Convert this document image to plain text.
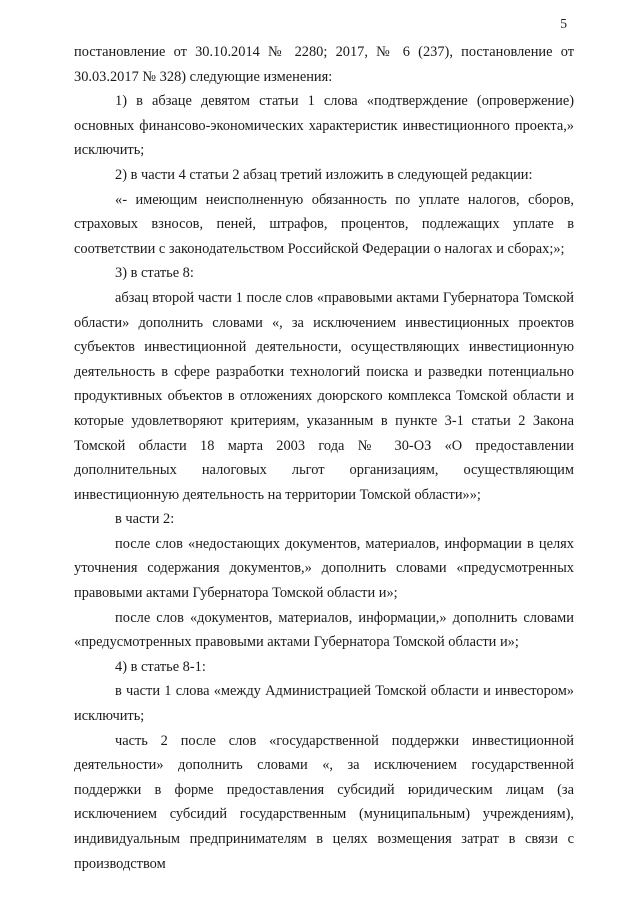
5

постановление от 30.10.2014 № 2280; 2017, № 6 (237), постановление от 30.03.2017 № 328) следующие изменения:

1) в абзаце девятом статьи 1 слова «подтверждение (опровержение) основных финансово-экономических характеристик инвестиционного проекта,» исключить;

2) в части 4 статьи 2 абзац третий изложить в следующей редакции:

«- имеющим неисполненную обязанность по уплате налогов, сборов, страховых взносов, пеней, штрафов, процентов, подлежащих уплате в соответствии с законодательством Российской Федерации о налогах и сборах;»;

3) в статье 8:

абзац второй части 1 после слов «правовыми актами Губернатора Томской области» дополнить словами «, за исключением инвестиционных проектов субъектов инвестиционной деятельности, осуществляющих инвестиционную деятельность в сфере разработки технологий поиска и разведки потенциально продуктивных объектов в отложениях доюрского комплекса Томской области и которые удовлетворяют критериям, указанным в пункте 3-1 статьи 2 Закона Томской области 18 марта 2003 года № 30-ОЗ «О предоставлении дополнительных налоговых льгот организациям, осуществляющим инвестиционную деятельность на территории Томской области»»;

в части 2:

после слов «недостающих документов, материалов, информации в целях уточнения содержания документов,» дополнить словами «предусмотренных правовыми актами Губернатора Томской области и»;

после слов «документов, материалов, информации,» дополнить словами «предусмотренных правовыми актами Губернатора Томской области и»;

4) в статье 8-1:

в части 1 слова «между Администрацией Томской области и инвестором» исключить;

часть 2 после слов «государственной поддержки инвестиционной деятельности» дополнить словами «, за исключением государственной поддержки в форме предоставления субсидий юридическим лицам (за исключением субсидий государственным (муниципальным) учреждениям), индивидуальным предпринимателям в целях возмещения затрат в связи с производством
